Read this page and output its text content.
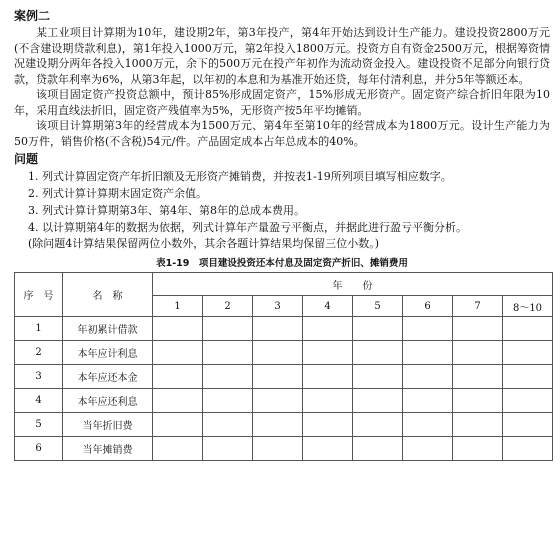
案例二

某工业项目计算期为10年，建设期2年，第3年投产，第4年开始达到设计生产能力。建设投资2800万元(不含建设期贷款利息)，第1年投入1000万元，第2年投入1800万元。投资方自有资金2500万元，根据筹资情况建设期分两年各投入1000万元，余下的500万元在投产年初作为流动资金投入。建设投资不足部分向银行贷款，贷款年利率为6%，从第3年起，以年初的本息和为基准开始还贷，每年付清利息，并分5年等额还本。

该项目固定资产投资总额中，预计85%形成固定资产，15%形成无形资产。固定资产综合折旧年限为10年，采用直线法折旧，固定资产残值率为5%，无形资产按5年平均摊销。

该项目计算期第3年的经营成本为1500万元、第4年至第10年的经营成本为1800万元。设计生产能力为50万件，销售价格(不含税)54元/件。产品固定成本占年总成本的40%。

问题

1. 列式计算固定资产年折旧额及无形资产摊销费，并按表1-19所列项目填写相应数字。

2. 列式计算计算期末固定资产余值。

3. 列式计算计算期第3年、第4年、第8年的总成本费用。

4. 以计算期第4年的数据为依据，列式计算年产量盈亏平衡点，并据此进行盈亏平衡分析。

(除问题4计算结果保留两位小数外，其余各题计算结果均保留三位小数。)

表1-19　项目建设投资还本付息及固定资产折旧、摊销费用
序　号	名　称	年　　份							
		1	2	3	4	5	6	7	8～10
1	年初累计借款								
2	本年应计利息								
3	本年应还本金								
4	本年应还利息								
5	当年折旧费								
6	当年摊销费								
